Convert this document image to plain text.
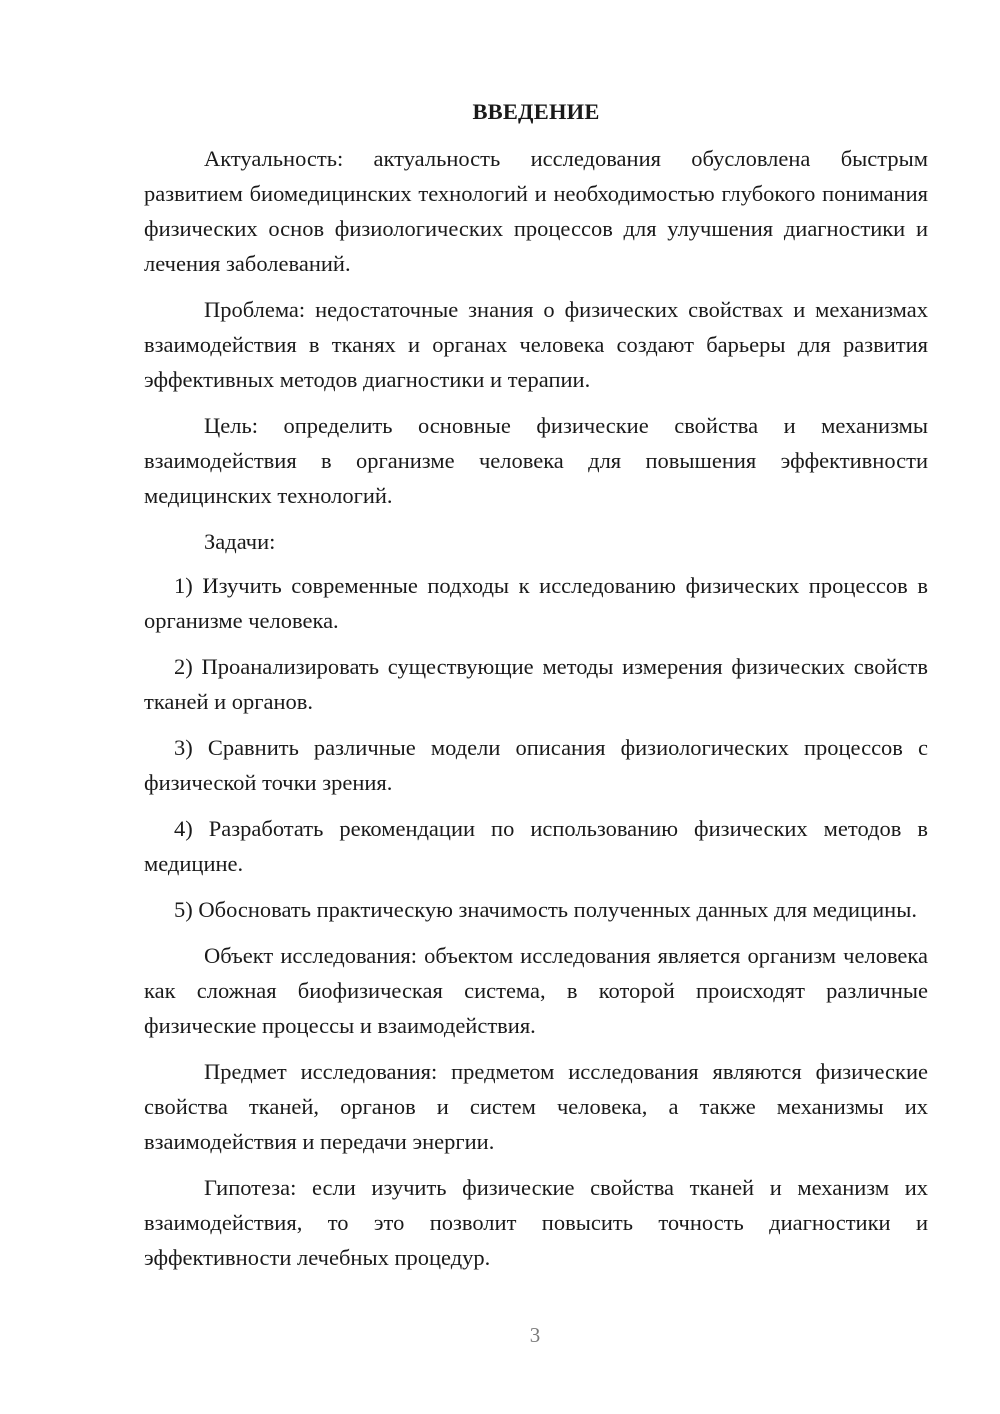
ВВЕДЕНИЕ

Актуальность: актуальность исследования обусловлена быстрым развитием биомедицинских технологий и необходимостью глубокого понимания физических основ физиологических процессов для улучшения диагностики и лечения заболеваний.

Проблема: недостаточные знания о физических свойствах и механизмах взаимодействия в тканях и органах человека создают барьеры для развития эффективных методов диагностики и терапии.

Цель: определить основные физические свойства и механизмы взаимодействия в организме человека для повышения эффективности медицинских технологий.

Задачи:

1) Изучить современные подходы к исследованию физических процессов в организме человека.

2) Проанализировать существующие методы измерения физических свойств тканей и органов.

3) Сравнить различные модели описания физиологических процессов с физической точки зрения.

4) Разработать рекомендации по использованию физических методов в медицине.

5) Обосновать практическую значимость полученных данных для медицины.

Объект исследования: объектом исследования является организм человека как сложная биофизическая система, в которой происходят различные физические процессы и взаимодействия.

Предмет исследования: предметом исследования являются физические свойства тканей, органов и систем человека, а также механизмы их взаимодействия и передачи энергии.

Гипотеза: если изучить физические свойства тканей и механизм их взаимодействия, то это позволит повысить точность диагностики и эффективности лечебных процедур.

3
